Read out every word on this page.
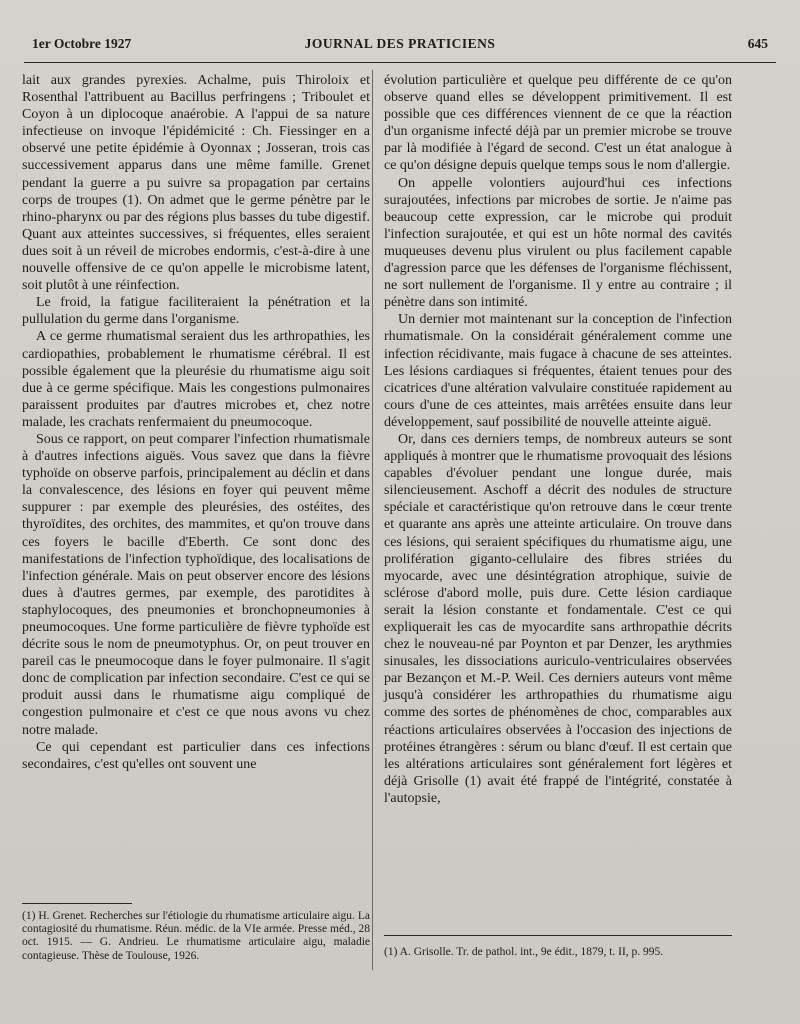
1er Octobre 1927	JOURNAL DES PRATICIENS	645

lait aux grandes pyrexies. Achalme, puis Thiroloix et Rosenthal l'attribuent au Bacillus perfringens ; Triboulet et Coyon à un diplocoque anaérobie. A l'appui de sa nature infectieuse on invoque l'épidémicité : Ch. Fiessinger en a observé une petite épidémie à Oyonnax ; Josseran, trois cas successivement apparus dans une même famille. Grenet pendant la guerre a pu suivre sa propagation par certains corps de troupes (1). On admet que le germe pénètre par le rhino-pharynx ou par des régions plus basses du tube digestif. Quant aux atteintes successives, si fréquentes, elles seraient dues soit à un réveil de microbes endormis, c'est-à-dire à une nouvelle offensive de ce qu'on appelle le microbisme latent, soit plutôt à une réinfection.

Le froid, la fatigue faciliteraient la pénétration et la pullulation du germe dans l'organisme.

A ce germe rhumatismal seraient dus les arthropathies, les cardiopathies, probablement le rhumatisme cérébral. Il est possible également que la pleurésie du rhumatisme aigu soit due à ce germe spécifique. Mais les congestions pulmonaires paraissent produites par d'autres microbes et, chez notre malade, les crachats renfermaient du pneumocoque.

Sous ce rapport, on peut comparer l'infection rhumatismale à d'autres infections aiguës. Vous savez que dans la fièvre typhoïde on observe parfois, principalement au déclin et dans la convalescence, des lésions en foyer qui peuvent même suppurer : par exemple des pleurésies, des ostéites, des thyroïdites, des orchites, des mammites, et qu'on trouve dans ces foyers le bacille d'Eberth. Ce sont donc des manifestations de l'infection typhoïdique, des localisations de l'infection générale. Mais on peut observer encore des lésions dues à d'autres germes, par exemple, des parotidites à staphylocoques, des pneumonies et bronchopneumonies à pneumocoques. Une forme particulière de fièvre typhoïde est décrite sous le nom de pneumotyphus. Or, on peut trouver en pareil cas le pneumocoque dans le foyer pulmonaire. Il s'agit donc de complication par infection secondaire. C'est ce qui se produit aussi dans le rhumatisme aigu compliqué de congestion pulmonaire et c'est ce que nous avons vu chez notre malade.

Ce qui cependant est particulier dans ces infections secondaires, c'est qu'elles ont souvent une

évolution particulière et quelque peu différente de ce qu'on observe quand elles se développent primitivement. Il est possible que ces différences viennent de ce que la réaction d'un organisme infecté déjà par un premier microbe se trouve par là modifiée à l'égard de second. C'est un état analogue à ce qu'on désigne depuis quelque temps sous le nom d'allergie.

On appelle volontiers aujourd'hui ces infections surajoutées, infections par microbes de sortie. Je n'aime pas beaucoup cette expression, car le microbe qui produit l'infection surajoutée, et qui est un hôte normal des cavités muqueuses devenu plus virulent ou plus facilement capable d'agression parce que les défenses de l'organisme fléchissent, ne sort nullement de l'organisme. Il y entre au contraire ; il pénètre dans son intimité.

Un dernier mot maintenant sur la conception de l'infection rhumatismale. On la considérait généralement comme une infection récidivante, mais fugace à chacune de ses atteintes. Les lésions cardiaques si fréquentes, étaient tenues pour des cicatrices d'une altération valvulaire constituée rapidement au cours d'une de ces atteintes, mais arrêtées ensuite dans leur développement, sauf possibilité de nouvelle atteinte aiguë.

Or, dans ces derniers temps, de nombreux auteurs se sont appliqués à montrer que le rhumatisme provoquait des lésions capables d'évoluer pendant une longue durée, mais silencieusement. Aschoff a décrit des nodules de structure spéciale et caractéristique qu'on retrouve dans le cœur trente et quarante ans après une atteinte articulaire. On trouve dans ces lésions, qui seraient spécifiques du rhumatisme aigu, une prolifération giganto-cellulaire des fibres striées du myocarde, avec une désintégration atrophique, suivie de sclérose d'abord molle, puis dure. Cette lésion cardiaque serait la lésion constante et fondamentale. C'est ce qui expliquerait les cas de myocardite sans arthropathie décrits chez le nouveau-né par Poynton et par Denzer, les arythmies sinusales, les dissociations auriculo-ventriculaires observées par Bezançon et M.-P. Weil. Ces derniers auteurs vont même jusqu'à considérer les arthropathies du rhumatisme aigu comme des sortes de phénomènes de choc, comparables aux réactions articulaires observées à l'occasion des injections de protéines étrangères : sérum ou blanc d'œuf. Il est certain que les altérations articulaires sont généralement fort légères et déjà Grisolle (1) avait été frappé de l'intégrité, constatée à l'autopsie,

(1) H. Grenet. Recherches sur l'étiologie du rhumatisme articulaire aigu. La contagiosité du rhumatisme. Réun. médic. de la VIe armée. Presse méd., 28 oct. 1915. — G. Andrieu. Le rhumatisme articulaire aigu, maladie contagieuse. Thèse de Toulouse, 1926.	(1) A. Grisolle. Tr. de pathol. int., 9e édit., 1879, t. II, p. 995.
